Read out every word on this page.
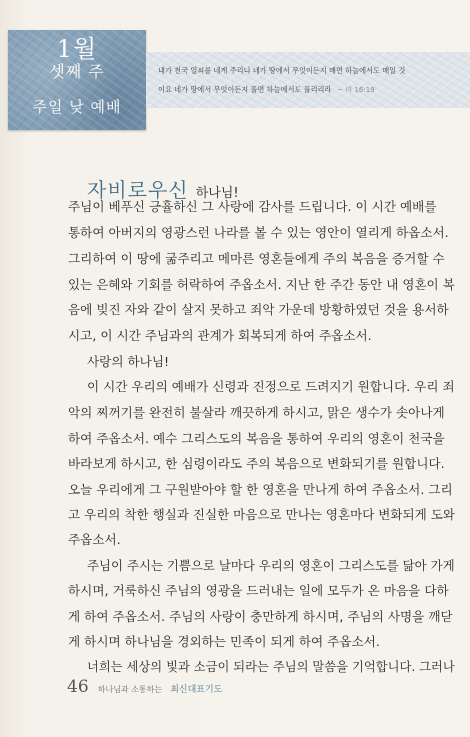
1월
셋째 주
주일 낮 예배
내가 천국 열쇠를 네게 주리니 네가 땅에서 무엇이든지 매면 하늘에서도 매일 것
이요 네가 땅에서 무엇이든지 풀면 하늘에서도 풀리리라 ~ 마 16:19
자비로우신 하나님!
주님이 베푸신 긍휼하신 그 사랑에 감사를 드립니다. 이 시간 예배를
통하여 아버지의 영광스런 나라를 볼 수 있는 영안이 열리게 하옵소서.
그리하여 이 땅에 굶주리고 메마른 영혼들에게 주의 복음을 증거할 수
있는 은혜와 기회를 허락하여 주옵소서. 지난 한 주간 동안 내 영혼이 복
음에 빚진 자와 같이 살지 못하고 죄악 가운데 방황하였던 것을 용서하
시고, 이 시간 주님과의 관계가 회복되게 하여 주옵소서.
사랑의 하나님!
이 시간 우리의 예배가 신령과 진정으로 드려지기 원합니다. 우리 죄
악의 찌꺼기를 완전히 불살라 깨끗하게 하시고, 맑은 생수가 솟아나게
하여 주옵소서. 예수 그리스도의 복음을 통하여 우리의 영혼이 천국을
바라보게 하시고, 한 심령이라도 주의 복음으로 변화되기를 원합니다.
오늘 우리에게 그 구원받아야 할 한 영혼을 만나게 하여 주옵소서. 그리
고 우리의 착한 행실과 진실한 마음으로 만나는 영혼마다 변화되게 도와
주옵소서.
주님이 주시는 기쁨으로 날마다 우리의 영혼이 그리스도를 닮아 가게
하시며, 거룩하신 주님의 영광을 드러내는 일에 모두가 온 마음을 다하
게 하여 주옵소서. 주님의 사랑이 충만하게 하시며, 주님의 사명을 깨닫
게 하시며 하나님을 경외하는 민족이 되게 하여 주옵소서.
너희는 세상의 빛과 소금이 되라는 주님의 말씀을 기억합니다. 그러나
46 하나님과 소통하는 최신대표기도
